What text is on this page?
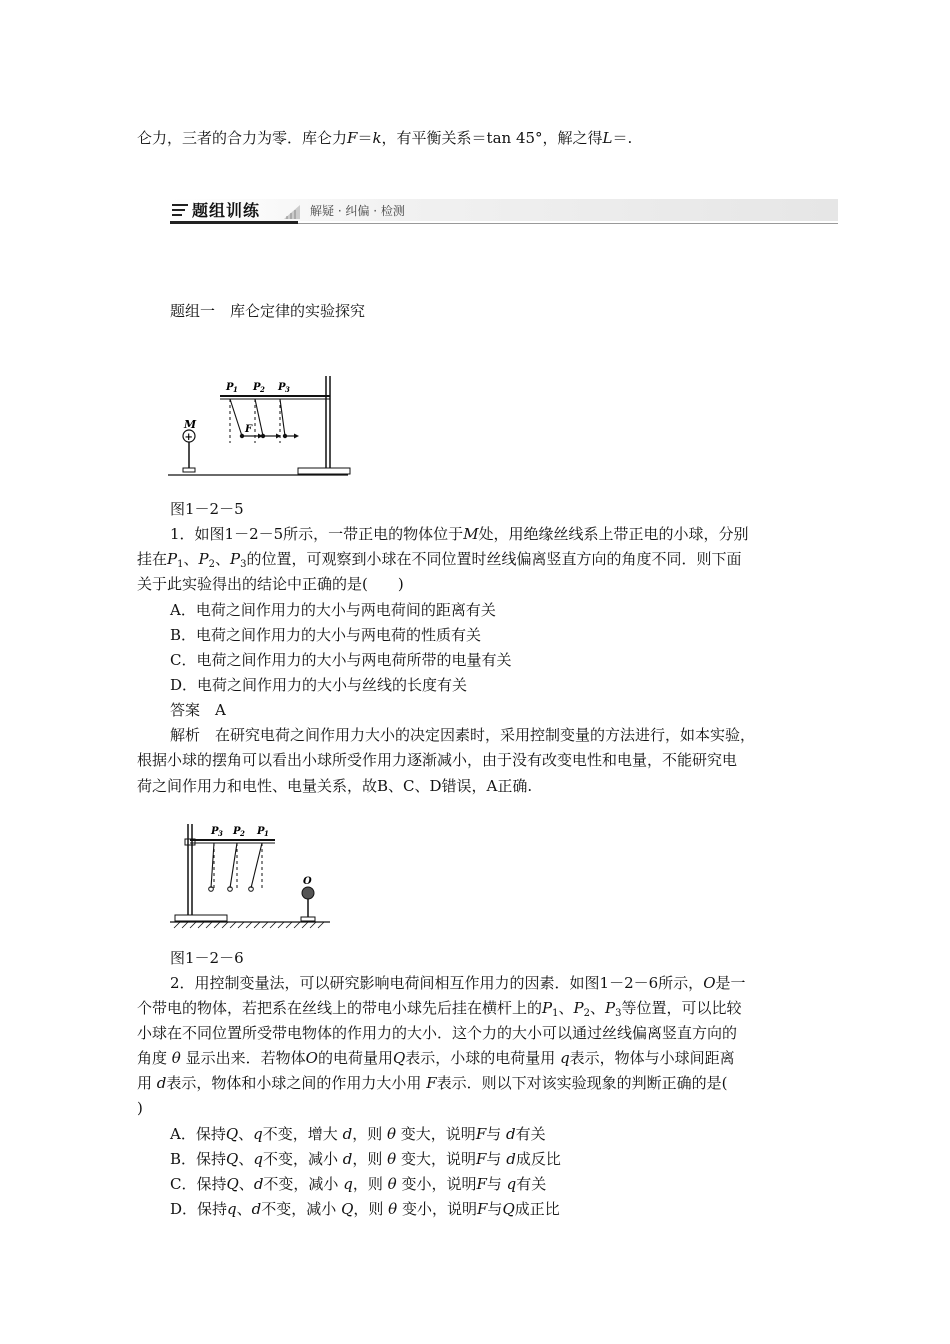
仑力，三者的合力为零．库仑力F＝k，有平衡关系＝tan 45°，解之得L＝.
题组训练	解疑 · 纠偏 · 检测
题组一　库仑定律的实验探究
M
+
P 1 P 2 P 3
F
图1－2－5
1．如图1－2－5所示，一带正电的物体位于M处，用绝缘丝线系上带正电的小球，分别
挂在$P_1$、$P_2$、$P_3$的位置，可观察到小球在不同位置时丝线偏离竖直方向的角度不同．则下面
关于此实验得出的结论中正确的是(　　)
A．电荷之间作用力的大小与两电荷间的距离有关
B．电荷之间作用力的大小与两电荷的性质有关
C．电荷之间作用力的大小与两电荷所带的电量有关
D．电荷之间作用力的大小与丝线的长度有关
答案　A
解析　在研究电荷之间作用力大小的决定因素时，采用控制变量的方法进行，如本实验，
根据小球的摆角可以看出小球所受作用力逐渐减小，由于没有改变电性和电量，不能研究电
荷之间作用力和电性、电量关系，故B、C、D错误，A正确.
P 3 P 2 P 1
O
图1－2－6
2．用控制变量法，可以研究影响电荷间相互作用力的因素．如图1－2－6所示，O是一
个带电的物体，若把系在丝线上的带电小球先后挂在横杆上的$P_1$、$P_2$、$P_3$等位置，可以比较
小球在不同位置所受带电物体的作用力的大小．这个力的大小可以通过丝线偏离竖直方向的
角度 θ 显示出来．若物体O的电荷量用Q表示，小球的电荷量用 q表示，物体与小球间距离
用 d表示，物体和小球之间的作用力大小用 F表示．则以下对该实验现象的判断正确的是(
)
A．保持Q、q不变，增大 d，则 θ 变大，说明F与 d有关
B．保持Q、q不变，减小 d，则 θ 变大，说明F与 d成反比
C．保持Q、d不变，减小 q，则 θ 变小，说明F与 q有关
D．保持q、d不变，减小 Q，则 θ 变小，说明F与Q成正比
